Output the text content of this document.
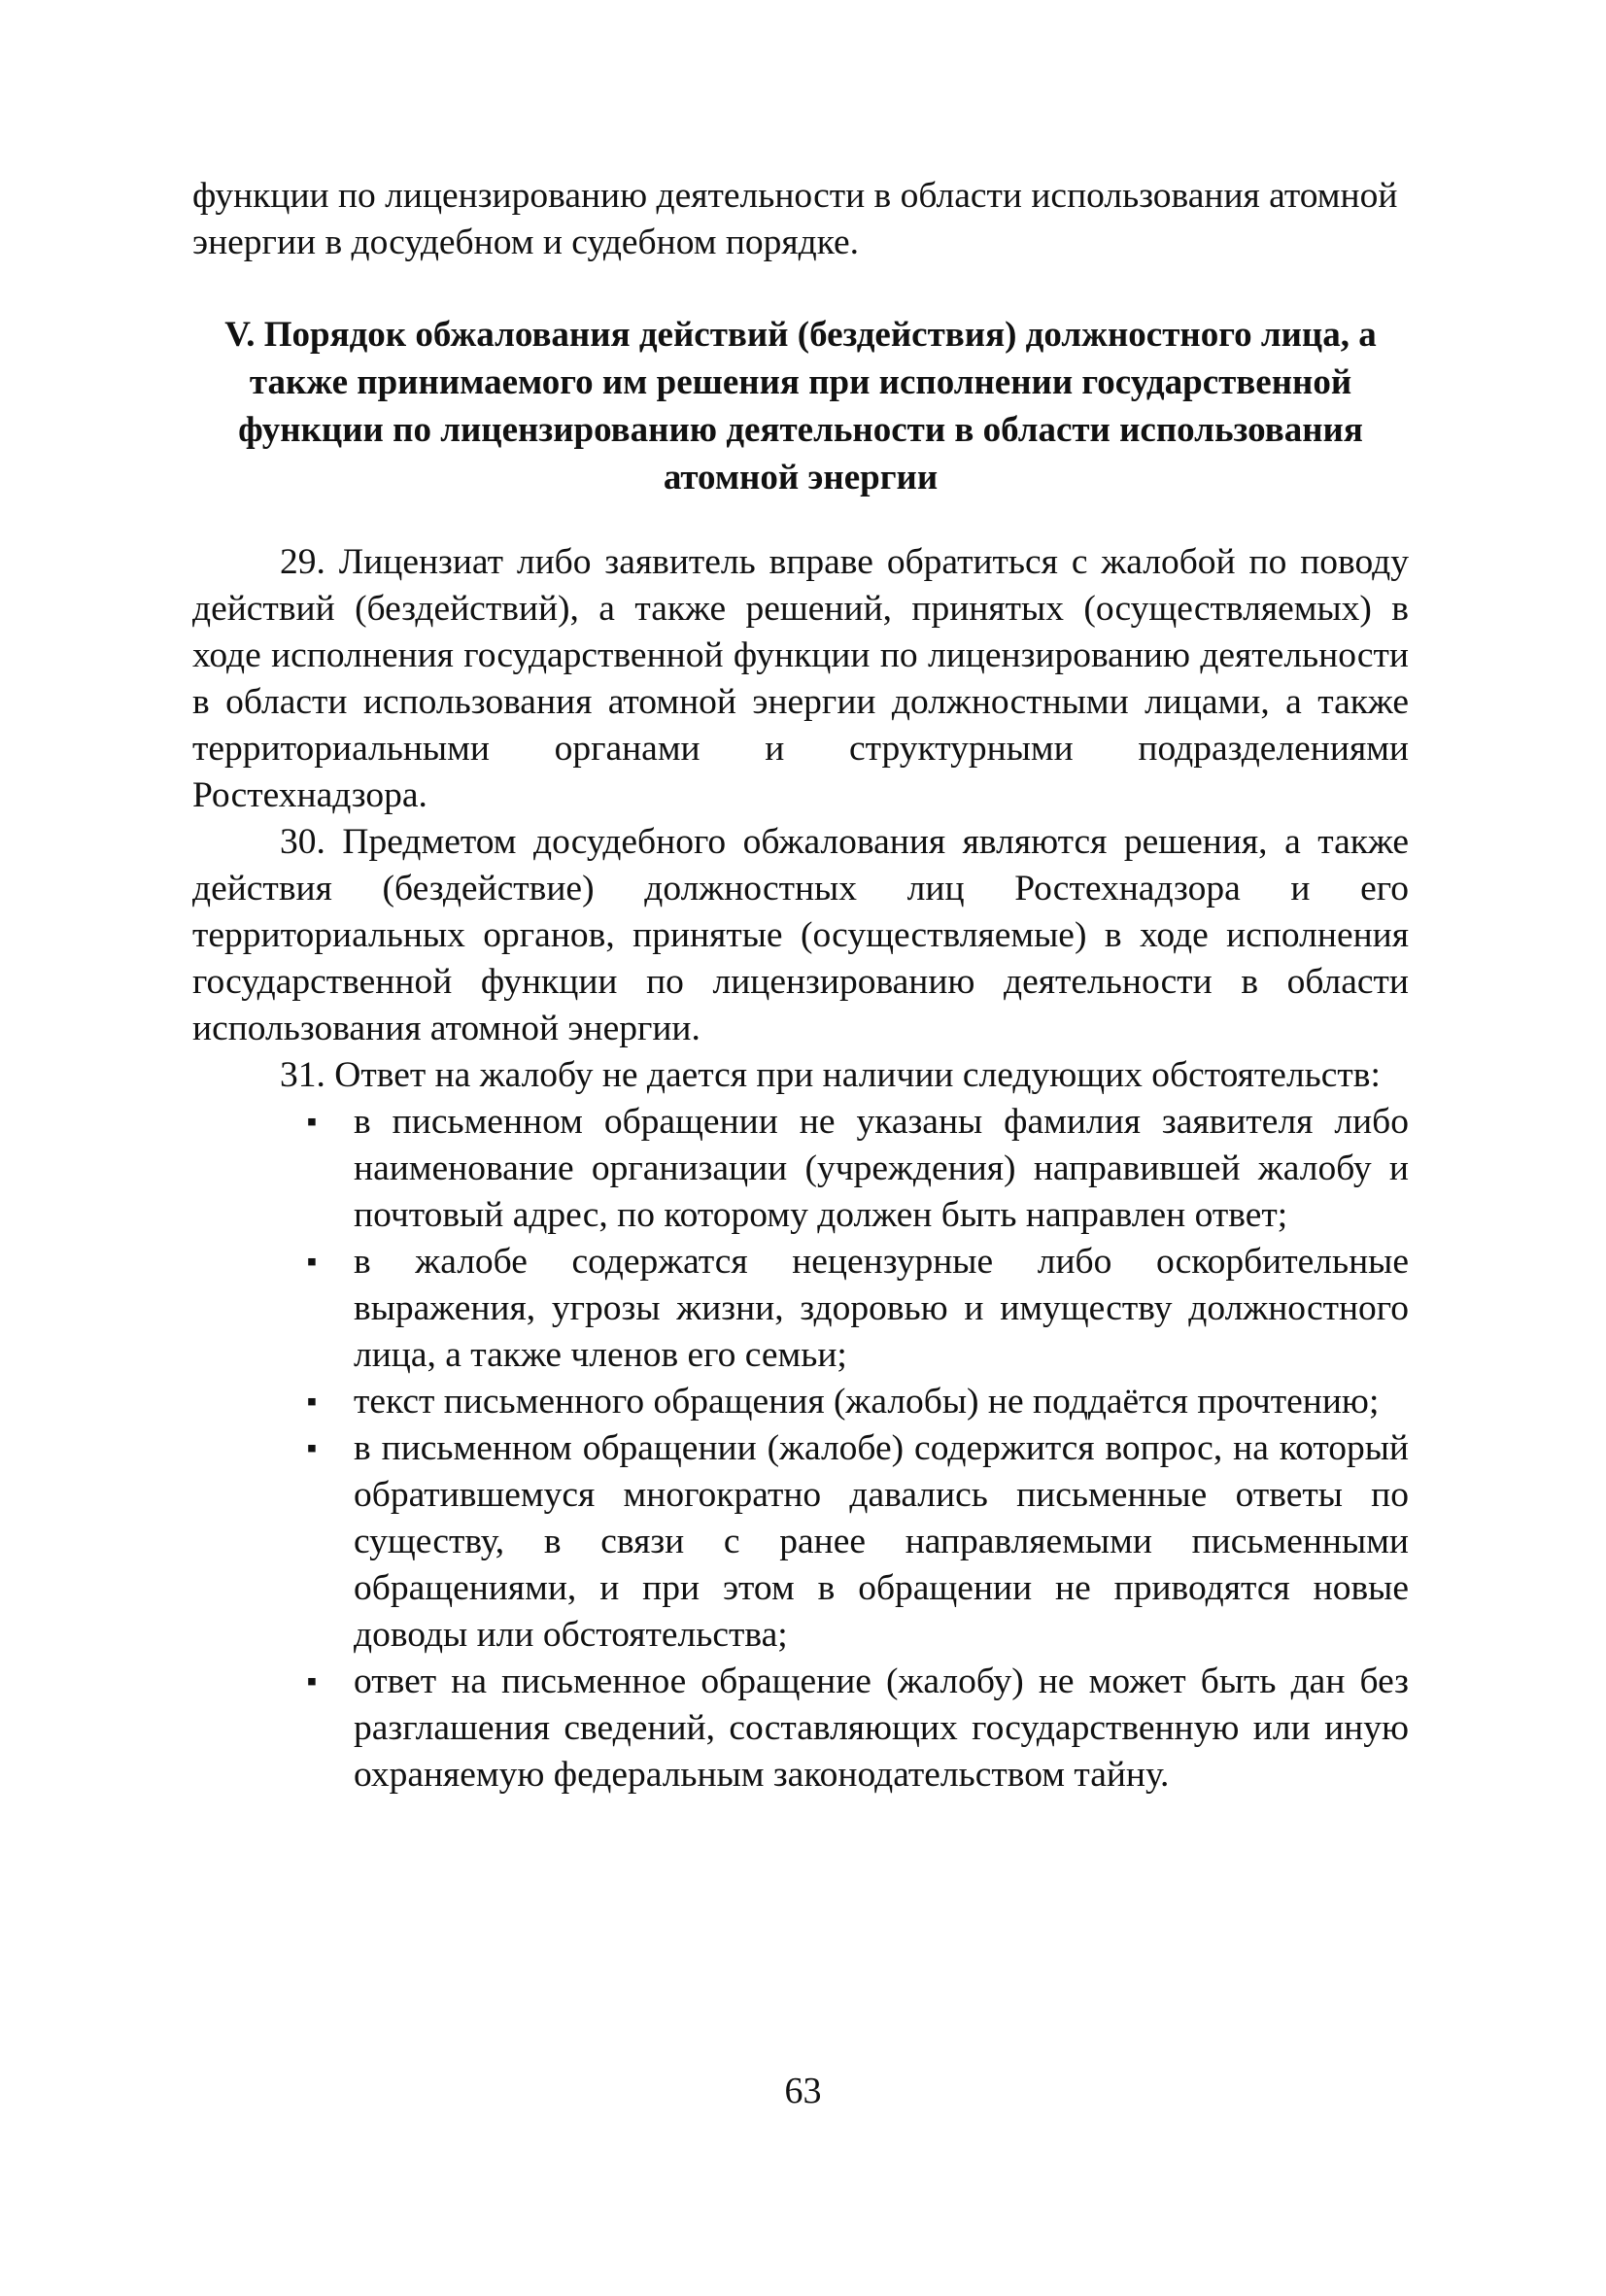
функции по лицензированию деятельности в области использования атомной энергии в досудебном и судебном порядке.

V. Порядок обжалования действий (бездействия) должностного лица, а также принимаемого им решения при исполнении государственной функции по лицензированию деятельности в области использования атомной энергии

29. Лицензиат либо заявитель вправе обратиться с жалобой по поводу действий (бездействий), а также решений, принятых (осуществляемых) в ходе исполнения государственной функции по лицензированию деятельности в области использования атомной энергии должностными лицами, а также территориальными органами и структурными подразделениями Ростехнадзора.

30. Предметом досудебного обжалования являются решения, а также действия (бездействие) должностных лиц Ростехнадзора и его территориальных органов, принятые (осуществляемые) в ходе исполнения государственной функции по лицензированию деятельности в области использования атомной энергии.

31. Ответ на жалобу не дается при наличии следующих обстоятельств:

▪ в письменном обращении не указаны фамилия заявителя либо наименование организации (учреждения) направившей жалобу и почтовый адрес, по которому должен быть направлен ответ;
▪ в жалобе содержатся нецензурные либо оскорбительные выражения, угрозы жизни, здоровью и имуществу должностного лица, а также членов его семьи;
▪ текст письменного обращения (жалобы) не поддаётся прочтению;
▪ в письменном обращении (жалобе) содержится вопрос, на который обратившемуся многократно давались письменные ответы по существу, в связи с ранее направляемыми письменными обращениями, и при этом в обращении не приводятся новые доводы или обстоятельства;
▪ ответ на письменное обращение (жалобу) не может быть дан без разглашения сведений, составляющих государственную или иную охраняемую федеральным законодательством тайну.
63
